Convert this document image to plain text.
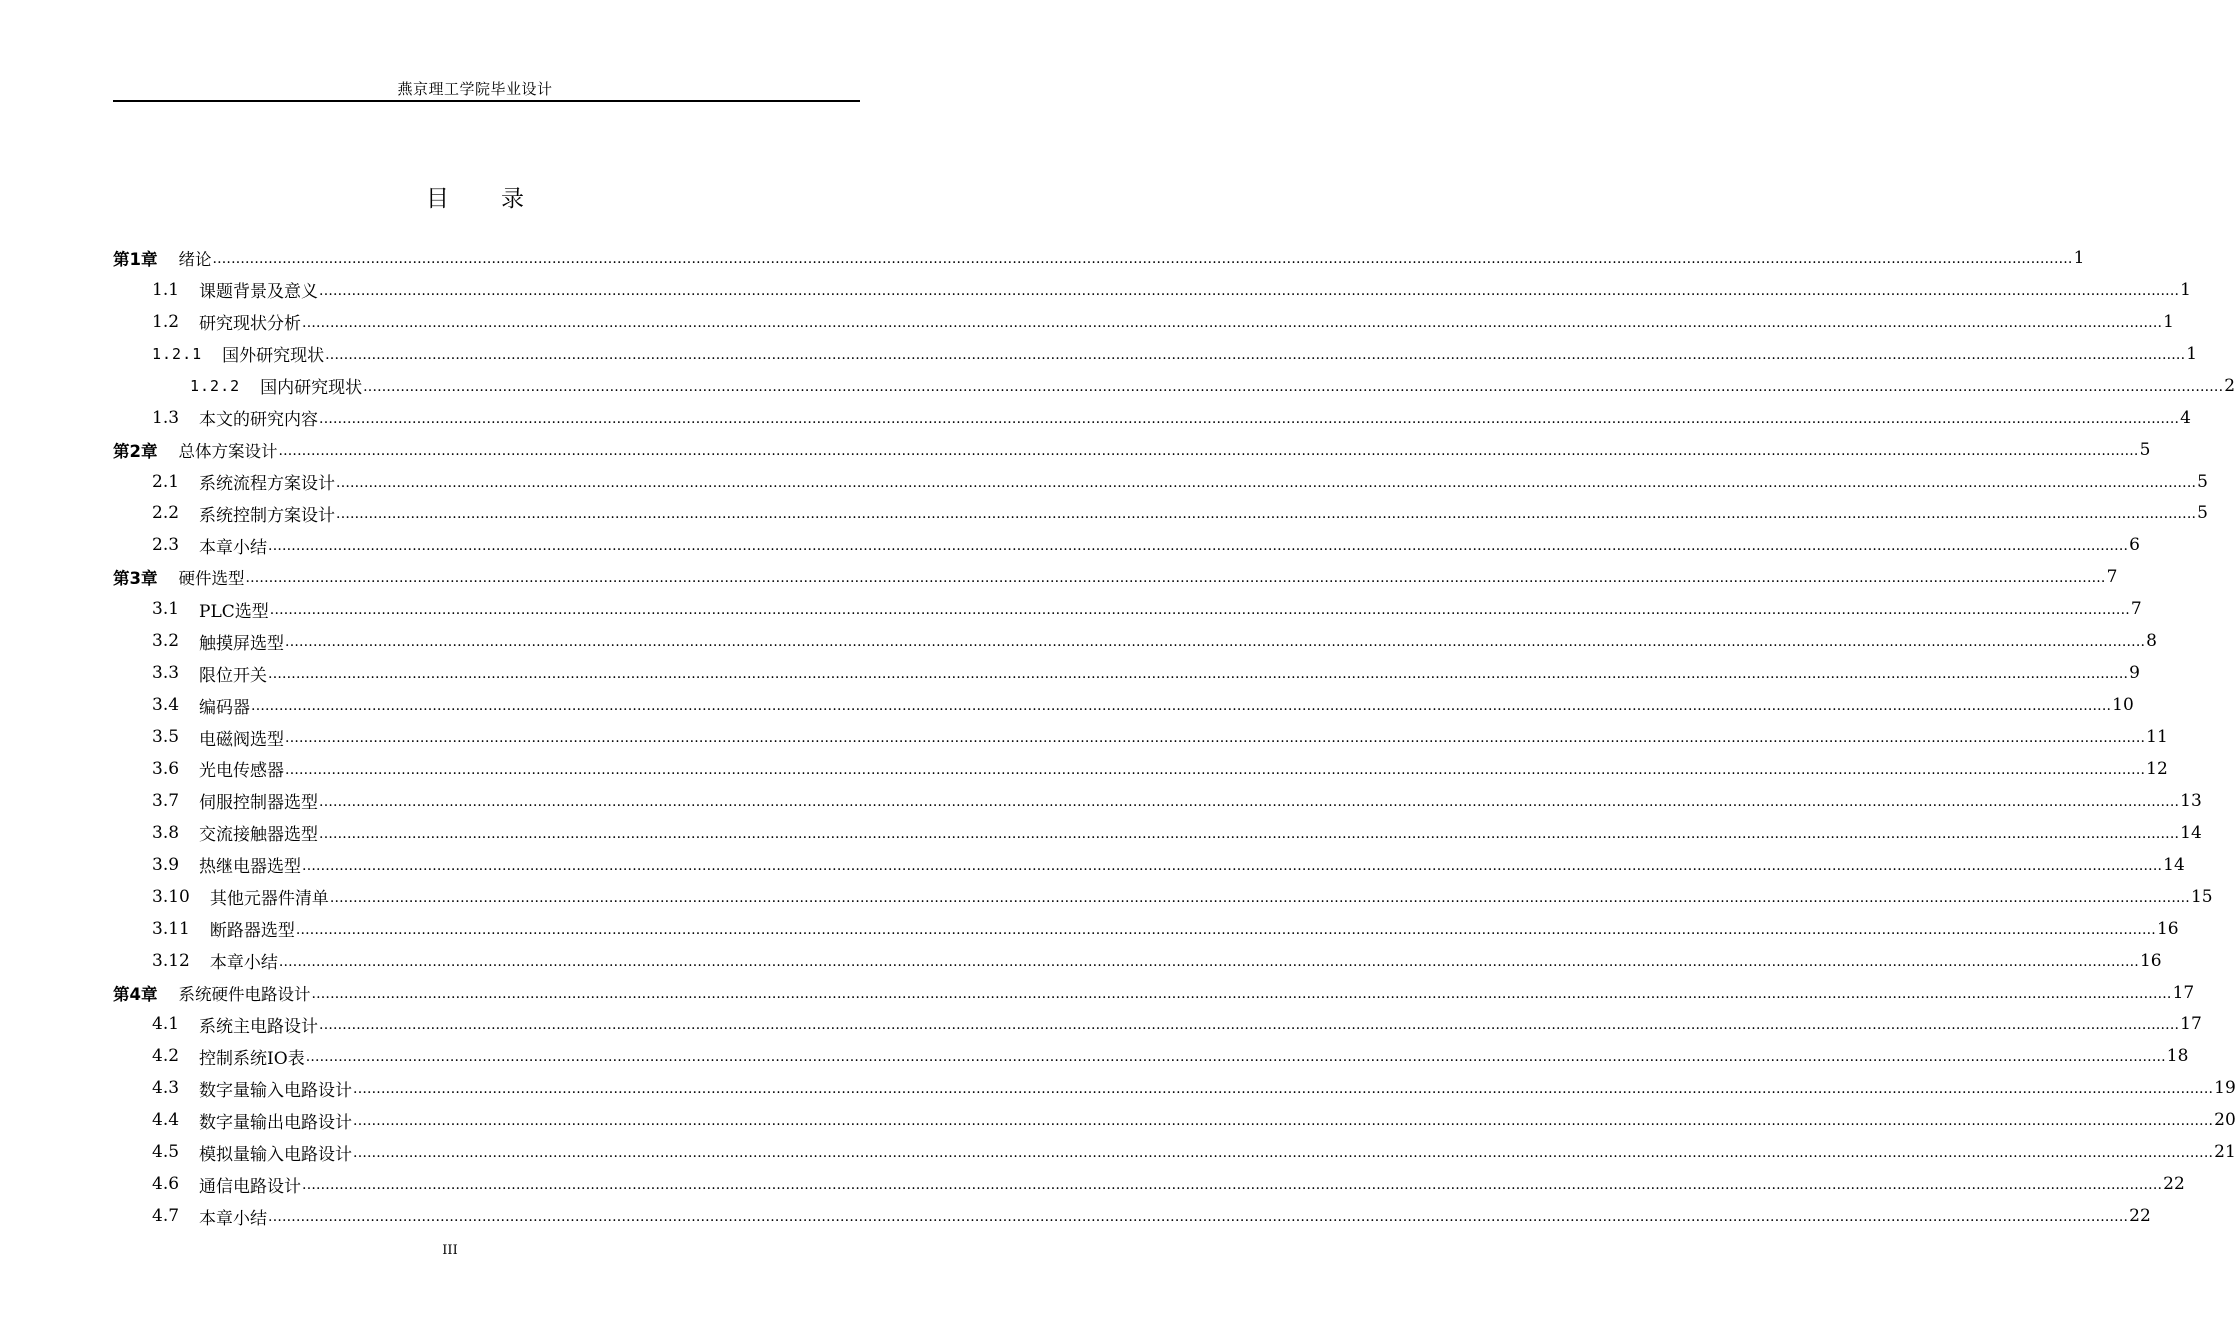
燕京理工学院毕业设计
目录
第1章 绪论 ................................................................................................................................................................................................................................................................................................................................................................................................................ 1
1.1 课题背景及意义 ................................................................................................................................................................................................................................................................................................................................................................................................................ 1
1.2 研究现状分析 ................................................................................................................................................................................................................................................................................................................................................................................................................ 1
1.2.1 国外研究现状 ................................................................................................................................................................................................................................................................................................................................................................................................................ 1
1.2.2 国内研究现状 ................................................................................................................................................................................................................................................................................................................................................................................................................ 2
1.3 本文的研究内容 ................................................................................................................................................................................................................................................................................................................................................................................................................ 4
第2章 总体方案设计 ................................................................................................................................................................................................................................................................................................................................................................................................................ 5
2.1 系统流程方案设计 ................................................................................................................................................................................................................................................................................................................................................................................................................ 5
2.2 系统控制方案设计 ................................................................................................................................................................................................................................................................................................................................................................................................................ 5
2.3 本章小结 ................................................................................................................................................................................................................................................................................................................................................................................................................ 6
第3章 硬件选型 ................................................................................................................................................................................................................................................................................................................................................................................................................ 7
3.1 PLC选型 ................................................................................................................................................................................................................................................................................................................................................................................................................ 7
3.2 触摸屏选型 ................................................................................................................................................................................................................................................................................................................................................................................................................ 8
3.3 限位开关 ................................................................................................................................................................................................................................................................................................................................................................................................................ 9
3.4 编码器 ................................................................................................................................................................................................................................................................................................................................................................................................................ 10
3.5 电磁阀选型 ................................................................................................................................................................................................................................................................................................................................................................................................................ 11
3.6 光电传感器 ................................................................................................................................................................................................................................................................................................................................................................................................................ 12
3.7 伺服控制器选型 ................................................................................................................................................................................................................................................................................................................................................................................................................ 13
3.8 交流接触器选型 ................................................................................................................................................................................................................................................................................................................................................................................................................ 14
3.9 热继电器选型 ................................................................................................................................................................................................................................................................................................................................................................................................................ 14
3.10 其他元器件清单 ................................................................................................................................................................................................................................................................................................................................................................................................................ 15
3.11 断路器选型 ................................................................................................................................................................................................................................................................................................................................................................................................................ 16
3.12 本章小结 ................................................................................................................................................................................................................................................................................................................................................................................................................ 16
第4章 系统硬件电路设计 ................................................................................................................................................................................................................................................................................................................................................................................................................ 17
4.1 系统主电路设计 ................................................................................................................................................................................................................................................................................................................................................................................................................ 17
4.2 控制系统IO表 ................................................................................................................................................................................................................................................................................................................................................................................................................ 18
4.3 数字量输入电路设计 ................................................................................................................................................................................................................................................................................................................................................................................................................ 19
4.4 数字量输出电路设计 ................................................................................................................................................................................................................................................................................................................................................................................................................ 20
4.5 模拟量输入电路设计 ................................................................................................................................................................................................................................................................................................................................................................................................................ 21
4.6 通信电路设计 ................................................................................................................................................................................................................................................................................................................................................................................................................ 22
4.7 本章小结 ................................................................................................................................................................................................................................................................................................................................................................................................................ 22
III
